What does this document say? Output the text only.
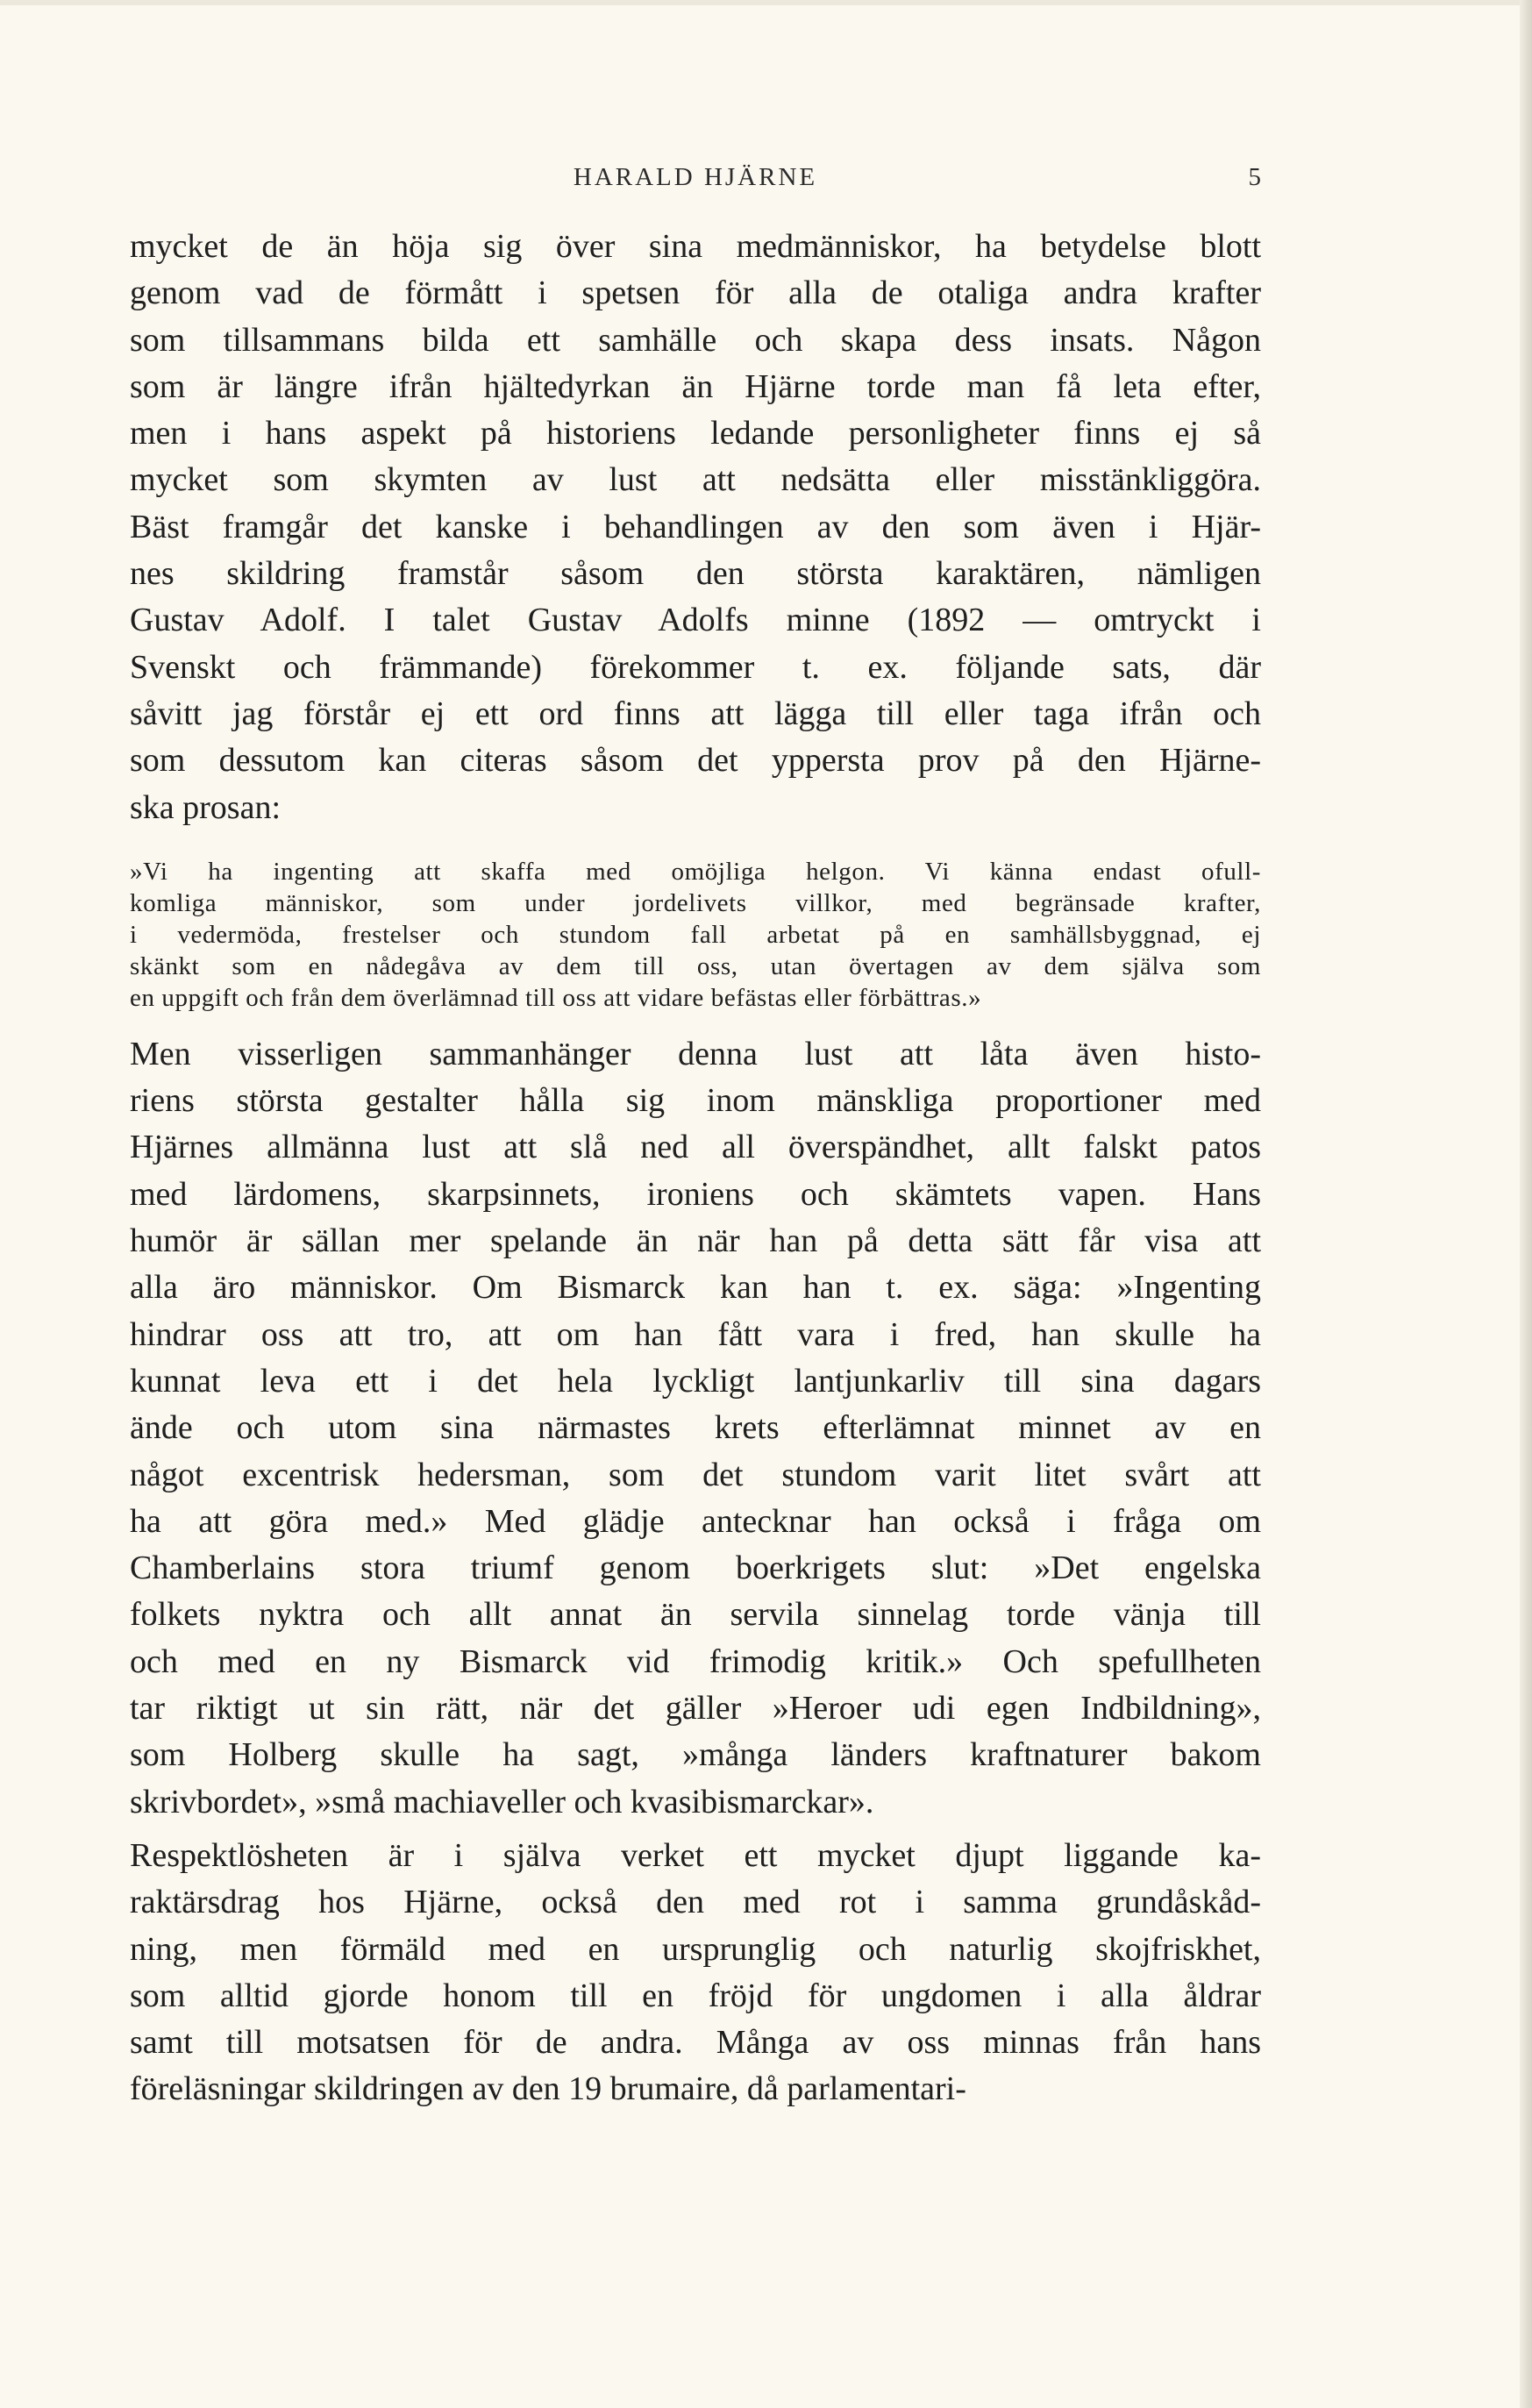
HARALD HJÄRNE	5
mycket de än höja sig över sina medmänniskor, ha betydelse blott
genom vad de förmått i spetsen för alla de otaliga andra krafter
som tillsammans bilda ett samhälle och skapa dess insats. Någon
som är längre ifrån hjältedyrkan än Hjärne torde man få leta efter,
men i hans aspekt på historiens ledande personligheter finns ej så
mycket som skymten av lust att nedsätta eller misstänkliggöra.
Bäst framgår det kanske i behandlingen av den som även i Hjär-
nes skildring framstår såsom den största karaktären, nämligen
Gustav Adolf. I talet Gustav Adolfs minne (1892 — omtryckt i
Svenskt och främmande) förekommer t. ex. följande sats, där
såvitt jag förstår ej ett ord finns att lägga till eller taga ifrån och
som dessutom kan citeras såsom det yppersta prov på den Hjärne-
ska prosan:
»Vi ha ingenting att skaffa med omöjliga helgon. Vi känna endast ofull-
komliga människor, som under jordelivets villkor, med begränsade krafter,
i vedermöda, frestelser och stundom fall arbetat på en samhällsbyggnad, ej
skänkt som en nådegåva av dem till oss, utan övertagen av dem själva som
en uppgift och från dem överlämnad till oss att vidare befästas eller förbättras.»
Men visserligen sammanhänger denna lust att låta även histo-
riens största gestalter hålla sig inom mänskliga proportioner med
Hjärnes allmänna lust att slå ned all överspändhet, allt falskt patos
med lärdomens, skarpsinnets, ironiens och skämtets vapen. Hans
humör är sällan mer spelande än när han på detta sätt får visa att
alla äro människor. Om Bismarck kan han t. ex. säga: »Ingenting
hindrar oss att tro, att om han fått vara i fred, han skulle ha
kunnat leva ett i det hela lyckligt lantjunkarliv till sina dagars
ände och utom sina närmastes krets efterlämnat minnet av en
något excentrisk hedersman, som det stundom varit litet svårt att
ha att göra med.» Med glädje antecknar han också i fråga om
Chamberlains stora triumf genom boerkrigets slut: »Det engelska
folkets nyktra och allt annat än servila sinnelag torde vänja till
och med en ny Bismarck vid frimodig kritik.» Och spefullheten
tar riktigt ut sin rätt, när det gäller »Heroer udi egen Indbildning»,
som Holberg skulle ha sagt, »många länders kraftnaturer bakom
skrivbordet», »små machiaveller och kvasibismarckar».
Respektlösheten är i själva verket ett mycket djupt liggande ka-
raktärsdrag hos Hjärne, också den med rot i samma grundåskåd-
ning, men förmäld med en ursprunglig och naturlig skojfriskhet,
som alltid gjorde honom till en fröjd för ungdomen i alla åldrar
samt till motsatsen för de andra. Många av oss minnas från hans
föreläsningar skildringen av den 19 brumaire, då parlamentari-
